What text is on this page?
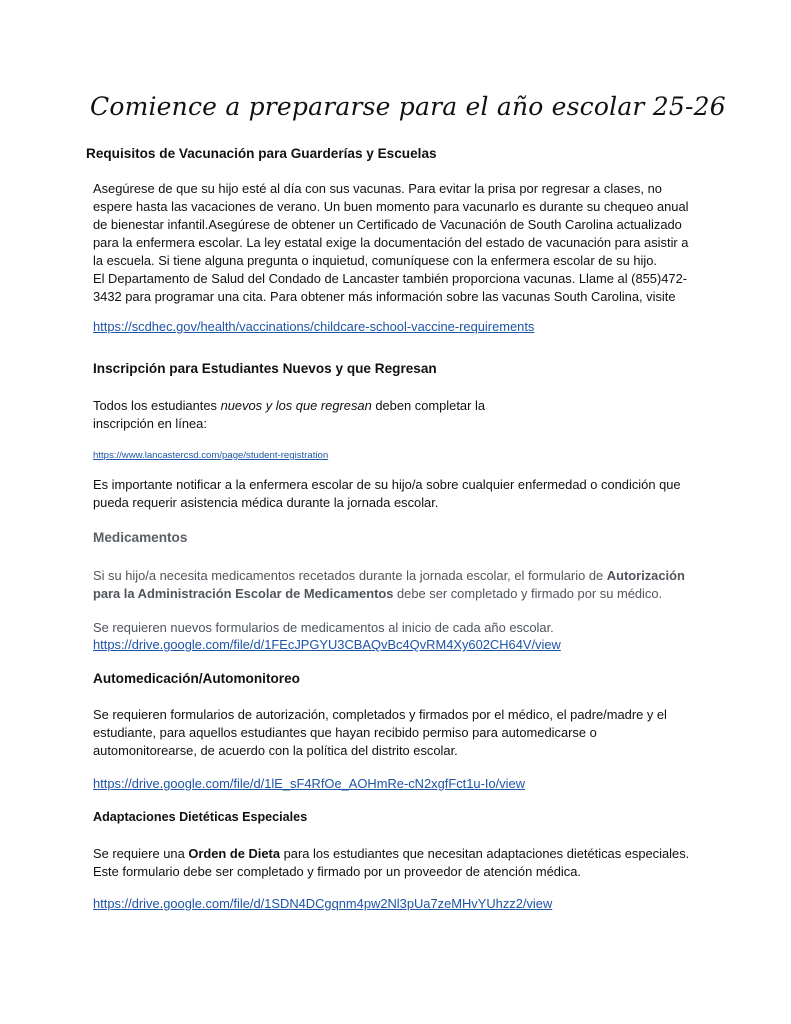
Comience a prepararse para el año escolar 25-26
Requisitos de Vacunación para Guarderías y Escuelas
Asegúrese de que su hijo esté al día con sus vacunas. Para evitar la prisa por regresar a clases, no
espere hasta las vacaciones de verano. Un buen momento para vacunarlo es durante su chequeo anual
de bienestar infantil.Asegúrese de obtener un Certificado de Vacunación de South Carolina actualizado
para la enfermera escolar. La ley estatal exige la documentación del estado de vacunación para asistir a
la escuela. Si tiene alguna pregunta o inquietud, comuníquese con la enfermera escolar de su hijo.
El Departamento de Salud del Condado de Lancaster también proporciona vacunas. Llame al (855)472-
3432 para programar una cita. Para obtener más información sobre las vacunas South Carolina, visite
https://scdhec.gov/health/vaccinations/childcare-school-vaccine-requirements
Inscripción para Estudiantes Nuevos y que Regresan
Todos los estudiantes nuevos y los que regresan deben completar la
inscripción en línea:
https://www.lancastercsd.com/page/student-registration
Es importante notificar a la enfermera escolar de su hijo/a sobre cualquier enfermedad o condición que
pueda requerir asistencia médica durante la jornada escolar.
Medicamentos
Si su hijo/a necesita medicamentos recetados durante la jornada escolar, el formulario de Autorización
para la Administración Escolar de Medicamentos debe ser completado y firmado por su médico.
Se requieren nuevos formularios de medicamentos al inicio de cada año escolar.
https://drive.google.com/file/d/1FEcJPGYU3CBAQvBc4QvRM4Xy602CH64V/view
Automedicación/Automonitoreo
Se requieren formularios de autorización, completados y firmados por el médico, el padre/madre y el
estudiante, para aquellos estudiantes que hayan recibido permiso para automedicarse o
automonitorearse, de acuerdo con la política del distrito escolar.
https://drive.google.com/file/d/1lE_sF4RfOe_AOHmRe-cN2xgfFct1u-Io/view
Adaptaciones Dietéticas Especiales
Se requiere una Orden de Dieta para los estudiantes que necesitan adaptaciones dietéticas especiales.
Este formulario debe ser completado y firmado por un proveedor de atención médica.
https://drive.google.com/file/d/1SDN4DCgqnm4pw2Nl3pUa7zeMHvYUhzz2/view
